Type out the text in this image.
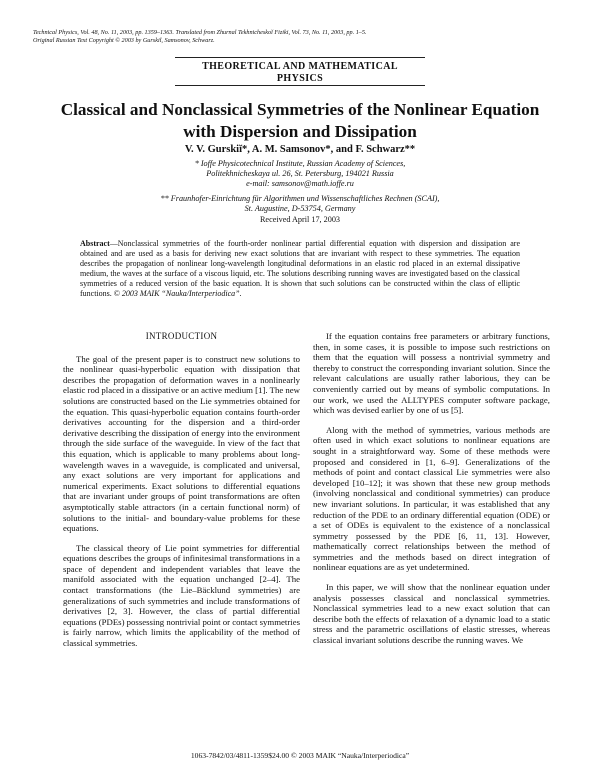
Technical Physics, Vol. 48, No. 11, 2003, pp. 1359–1363. Translated from Zhurnal Tekhnicheskoĭ Fiziki, Vol. 73, No. 11, 2003, pp. 1–5.
Original Russian Text Copyright © 2003 by Gurskiĭ, Samsonov, Schwarz.
THEORETICAL AND MATHEMATICAL
PHYSICS
Classical and Nonclassical Symmetries of the Nonlinear Equation
with Dispersion and Dissipation
V. V. Gurskiĭ*, A. M. Samsonov*, and F. Schwarz**
* Ioffe Physicotechnical Institute, Russian Academy of Sciences,
Politekhnicheskaya ul. 26, St. Petersburg, 194021 Russia
e-mail: samsonov@math.ioffe.ru
** Fraunhofer-Einrichtung für Algorithmen und Wissenschaftliches Rechnen (SCAI),
St. Augustine, D-53754, Germany
Received April 17, 2003
Abstract—Nonclassical symmetries of the fourth-order nonlinear partial differential equation with dispersion and dissipation are obtained and are used as a basis for deriving new exact solutions that are invariant with respect to these symmetries. The equation describes the propagation of nonlinear long-wavelength longitudinal deformations in an elastic rod placed in an external dissipative medium, the waves at the surface of a viscous liquid, etc. The solutions describing running waves are investigated based on the classical symmetries of a reduced version of the basic equation. It is shown that such solutions can be constructed within the class of elliptic functions. © 2003 MAIK “Nauka/Interperiodica”.
INTRODUCTION

The goal of the present paper is to construct new solutions to the nonlinear quasi-hyperbolic equation with dissipation that describes the propagation of deformation waves in a nonlinearly elastic rod placed in a dissipative or an active medium [1]. The new solutions are constructed based on the Lie symmetries obtained for the equation. This quasi-hyperbolic equation contains fourth-order derivatives accounting for the dispersion and a third-order derivative describing the dissipation of energy into the environment through the side surface of the waveguide. In view of the fact that this equation, which is applicable to many problems about long-wavelength waves in a waveguide, is complicated and universal, any exact solutions are very important for applications and numerical experiments. Exact solutions to differential equations that are invariant under groups of point transformations are often asymptotically stable attractors (in a certain functional norm) of solutions to the initial- and boundary-value problems for these equations.

The classical theory of Lie point symmetries for differential equations describes the groups of infinitesimal transformations in a space of dependent and independent variables that leave the manifold associated with the equation unchanged [2–4]. The contact transformations (the Lie–Bäcklund symmetries) are generalizations of such symmetries and include transformations of derivatives [2, 3]. However, the class of partial differential equations (PDEs) possessing nontrivial point or contact symmetries is fairly narrow, which limits the applicability of the method of classical symmetries.

If the equation contains free parameters or arbitrary functions, then, in some cases, it is possible to impose such restrictions on them that the equation will possess a nontrivial symmetry and thereby to construct the corresponding invariant solution. Since the relevant calculations are usually rather laborious, they can be conveniently carried out by means of symbolic computations. In our work, we used the ALLTYPES computer software package, which was devised earlier by one of us [5].

Along with the method of symmetries, various methods are often used in which exact solutions to nonlinear equations are sought in a straightforward way. Some of these methods were proposed and considered in [1, 6–9]. Generalizations of the methods of point and contact classical Lie symmetries were also developed [10–12]; it was shown that these new group methods (involving nonclassical and conditional symmetries) can produce new invariant solutions. In particular, it was established that any reduction of the PDE to an ordinary differential equation (ODE) or a set of ODEs is equivalent to the existence of a nonclassical symmetry possessed by the PDE [6, 11, 13]. However, mathematically correct relationships between the method of symmetries and the methods based on direct integration of nonlinear equations are as yet undetermined.

In this paper, we will show that the nonlinear equation under analysis possesses classical and nonclassical symmetries. Nonclassical symmetries lead to a new exact solution that can describe both the effects of relaxation of a dynamic load to a static stress and the parametric oscillations of elastic stresses, whereas classical invariant solutions describe the running waves. We

1063-7842/03/4811-1359$24.00 © 2003 MAIK “Nauka/Interperiodica”
